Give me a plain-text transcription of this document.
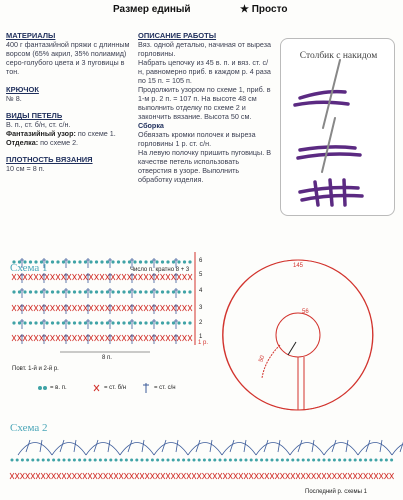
Размер единый	★ Просто
МАТЕРИАЛЫ
400 г фантазийной пряжи с длинным ворсом (65% акрил, 35% полиамид) серо-голубого цвета и 3 пуговицы в тон.
КРЮЧОК
№ 8.
ВИДЫ ПЕТЕЛЬ
В. п., ст. б/н, ст. с/н.
Фантазийный узор: по схеме 1.
Отделка: по схеме 2.
ПЛОТНОСТЬ ВЯЗАНИЯ
10 см = 8 п.
ОПИСАНИЕ РАБОТЫ
Вяз. одной деталью, начиная от выреза горловины.
Набрать цепочку из 45 в. п. и вяз. ст. с/н, равномерно приб. в каждом р. 4 раза по 15 п. = 105 п.
Продолжить узором по схеме 1, приб. в 1-м р. 2 п. = 107 п. На высоте 48 см выполнить отделку по схеме 2 и закончить вязание. Высота 50 см.
Сборка
Обвязать кромки полочек и выреза горловины 1 р. ст. с/н.
На левую полочку пришить пуговицы. В качестве петель использовать отверстия в узоре. Выполнить обработку изделия.
Столбик с накидом
Схема 1	Число п. кратно 8 + 3
6
5
4
3
2
1
1 р.
8 п.
Повт. 1-й и 2-й р.
= в. п.	= ст. б/н	= ст. с/н
145
56
50
Схема 2
Последний р. схемы 1
